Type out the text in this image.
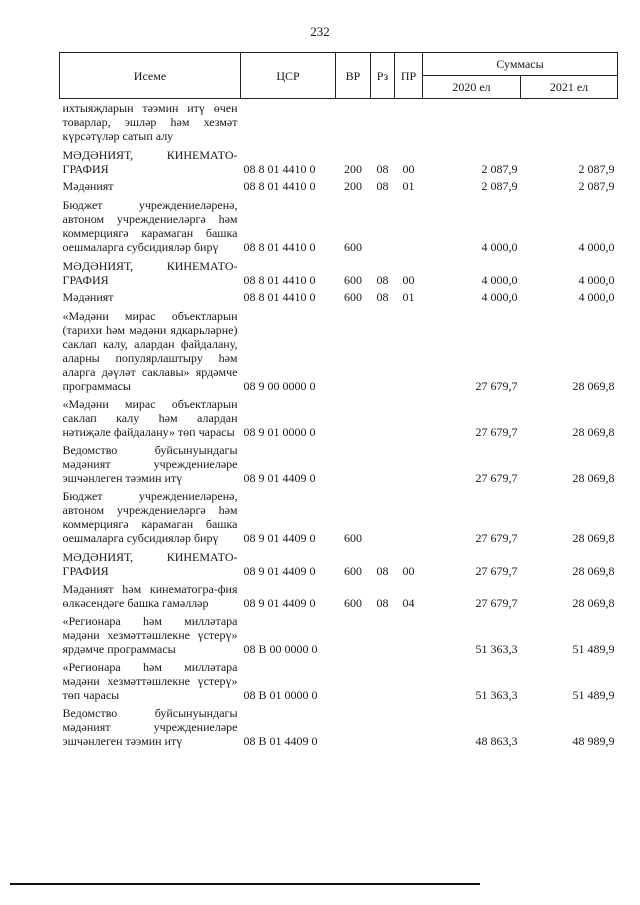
232
Исеме	ЦСР	ВР	Рз	ПР	Суммасы	
					2020 ел	2021 ел
ихтыяҗларын тәэмин итү өчен товарлар, эшләр һәм хезмәт күрсәтүләр сатып алу						
МӘДӘНИЯТ, КИНЕМАТО-ГРАФИЯ	08 8 01 4410 0	200	08	00	2 087,9	2 087,9
Мәдәният	08 8 01 4410 0	200	08	01	2 087,9	2 087,9
Бюджет учреждениеләренә, автоном учреждениеләргә һәм коммерциягә карамаган башка оешмаларга субсидияләр бирү	08 8 01 4410 0	600			4 000,0	4 000,0
МӘДӘНИЯТ, КИНЕМАТО-ГРАФИЯ	08 8 01 4410 0	600	08	00	4 000,0	4 000,0
Мәдәният	08 8 01 4410 0	600	08	01	4 000,0	4 000,0
«Мәдәни мирас объектларын (тарихи һәм мәдәни ядкарьләрне) саклап калу, алардан файдалану, аларны популярлаштыру һәм аларга дәүләт саклавы» ярдәмче программасы	08 9 00 0000 0				27 679,7	28 069,8
«Мәдәни мирас объектларын саклап калу һәм алардан нәтиҗәле файдалану» төп чарасы	08 9 01 0000 0				27 679,7	28 069,8
Ведомство буйсынуындагы мәдәният учреждениеләре эшчәнлеген тәэмин итү	08 9 01 4409 0				27 679,7	28 069,8
Бюджет учреждениеләренә, автоном учреждениеләргә һәм коммерциягә карамаган башка оешмаларга субсидияләр бирү	08 9 01 4409 0	600			27 679,7	28 069,8
МӘДӘНИЯТ, КИНЕМАТО-ГРАФИЯ	08 9 01 4409 0	600	08	00	27 679,7	28 069,8
Мәдәният һәм кинематогра-фия өлкәсендәге башка гамәлләр	08 9 01 4409 0	600	08	04	27 679,7	28 069,8
«Регионара һәм милләтара мәдәни хезмәттәшлекне үстерү» ярдәмче программасы	08 В 00 0000 0				51 363,3	51 489,9
«Регионара һәм милләтара мәдәни хезмәттәшлекне үстерү» төп чарасы	08 В 01 0000 0				51 363,3	51 489,9
Ведомство буйсынуындагы мәдәният учреждениеләре эшчәнлеген тәэмин итү	08 В 01 4409 0				48 863,3	48 989,9
